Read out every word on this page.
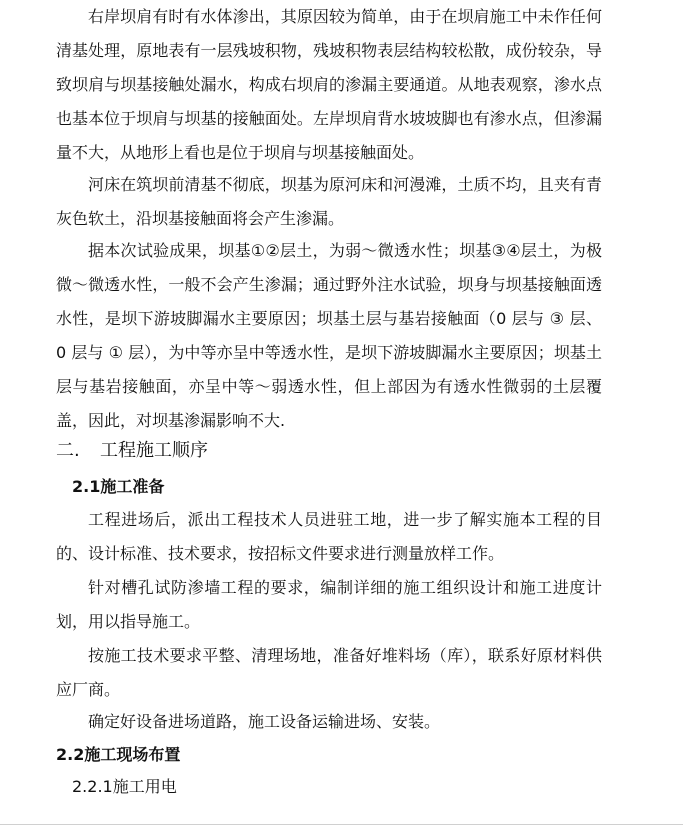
右岸坝肩有时有水体渗出，其原因较为简单，由于在坝肩施工中未作任何清基处理，原地表有一层残坡积物，残坡积物表层结构较松散，成份较杂，导致坝肩与坝基接触处漏水，构成右坝肩的渗漏主要通道。从地表观察，渗水点也基本位于坝肩与坝基的接触面处。左岸坝肩背水坡坡脚也有渗水点，但渗漏量不大，从地形上看也是位于坝肩与坝基接触面处。

河床在筑坝前清基不彻底，坝基为原河床和河漫滩，土质不均，且夹有青灰色软土，沿坝基接触面将会产生渗漏。

据本次试验成果，坝基①②层土，为弱～微透水性；坝基③④层土，为极微～微透水性，一般不会产生渗漏；通过野外注水试验，坝身与坝基接触面透水性，是坝下游坡脚漏水主要原因；坝基土层与基岩接触面（0 层与 ③ 层、 0 层与 ① 层），为中等亦呈中等透水性，是坝下游坡脚漏水主要原因；坝基土层与基岩接触面，亦呈中等～弱透水性，但上部因为有透水性微弱的土层覆盖，因此，对坝基渗漏影响不大.

二. 工程施工顺序
2.1施工准备

工程进场后，派出工程技术人员进驻工地，进一步了解实施本工程的目的、设计标准、技术要求，按招标文件要求进行测量放样工作。

针对槽孔试防渗墙工程的要求，编制详细的施工组织设计和施工进度计划，用以指导施工。

按施工技术要求平整、清理场地，准备好堆料场（库），联系好原材料供应厂商。

确定好设备进场道路，施工设备运输进场、安装。

2.2施工现场布置
2.2.1施工用电
